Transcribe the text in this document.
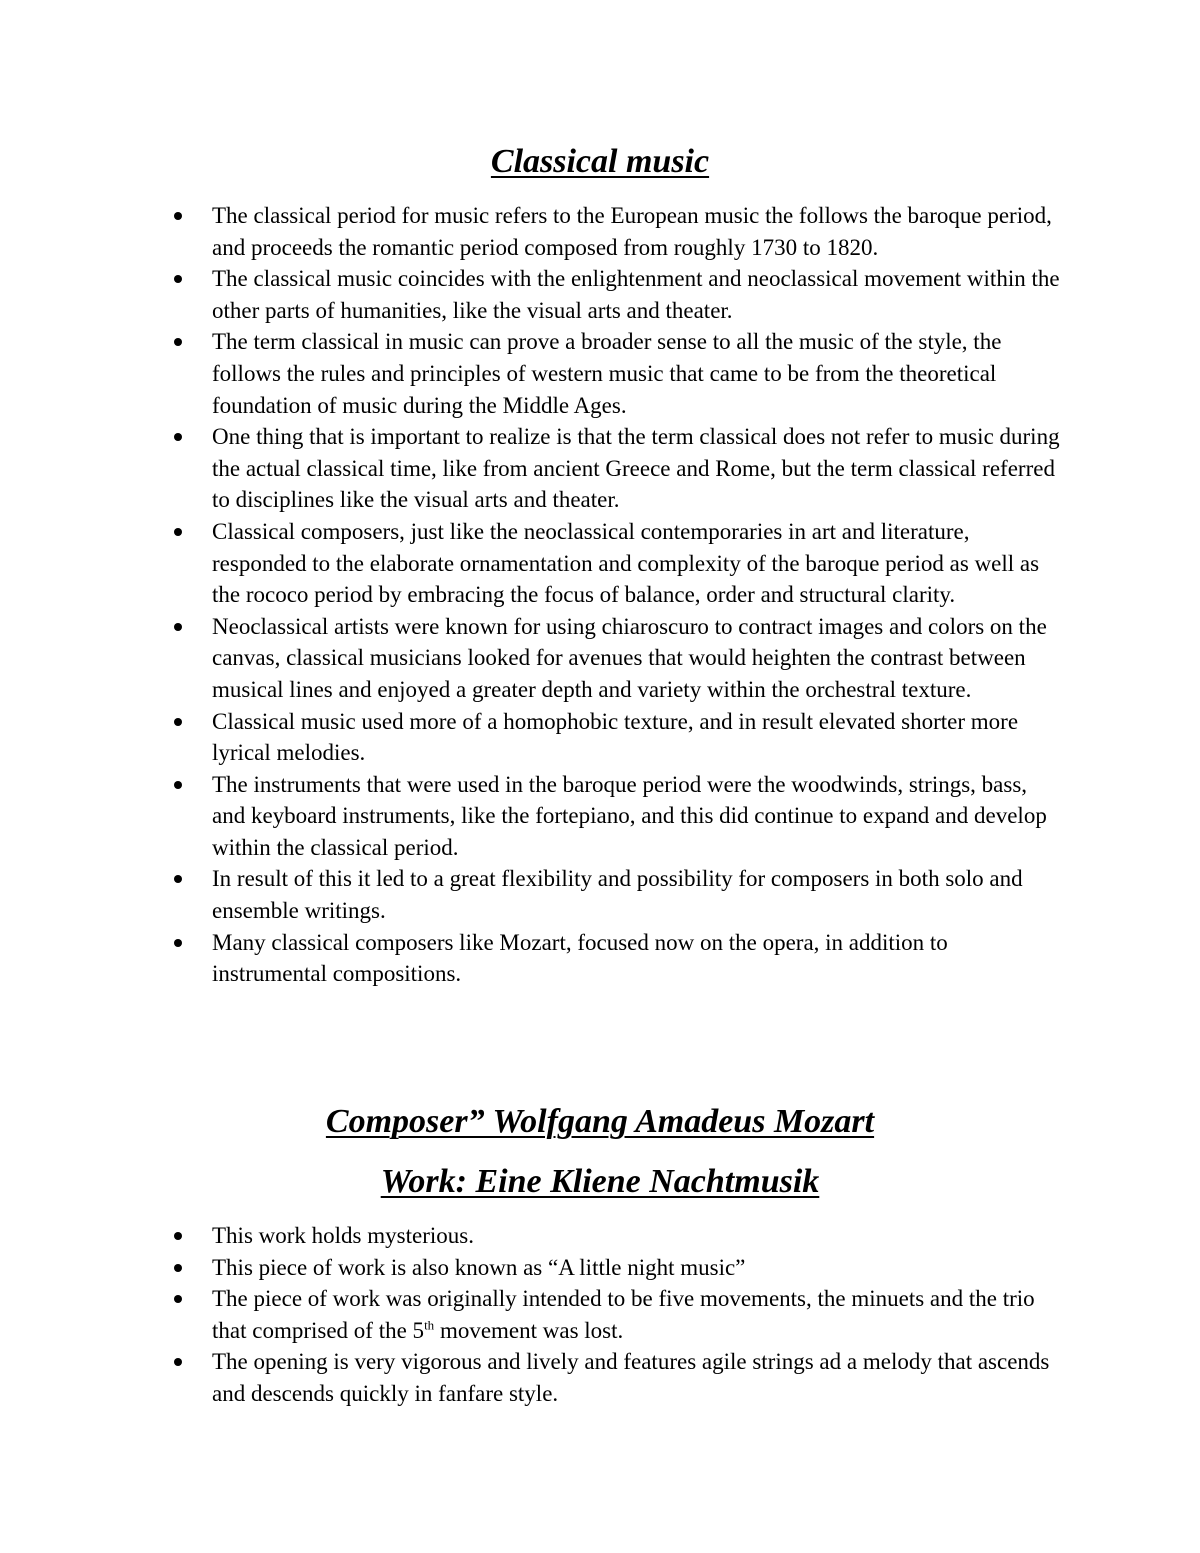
Classical music
The classical period for music refers to the European music the follows the baroque period, and proceeds the romantic period composed from roughly 1730 to 1820.
The classical music coincides with the enlightenment and neoclassical movement within the other parts of humanities, like the visual arts and theater.
The term classical in music can prove a broader sense to all the music of the style, the follows the rules and principles of western music that came to be from the theoretical foundation of music during the Middle Ages.
One thing that is important to realize is that the term classical does not refer to music during the actual classical time, like from ancient Greece and Rome, but the term classical referred to disciplines like the visual arts and theater.
Classical composers, just like the neoclassical contemporaries in art and literature, responded to the elaborate ornamentation and complexity of the baroque period as well as the rococo period by embracing the focus of balance, order and structural clarity.
Neoclassical artists were known for using chiaroscuro to contract images and colors on the canvas, classical musicians looked for avenues that would heighten the contrast between musical lines and enjoyed a greater depth and variety within the orchestral texture.
Classical music used more of a homophobic texture, and in result elevated shorter more lyrical melodies.
The instruments that were used in the baroque period were the woodwinds, strings, bass, and keyboard instruments, like the fortepiano, and this did continue to expand and develop within the classical period.
In result of this it led to a great flexibility and possibility for composers in both solo and ensemble writings.
Many classical composers like Mozart, focused now on the opera, in addition to instrumental compositions.
Composer” Wolfgang Amadeus Mozart
Work: Eine Kliene Nachtmusik
This work holds mysterious.
This piece of work is also known as “A little night music”
The piece of work was originally intended to be five movements, the minuets and the trio that comprised of the 5th movement was lost.
The opening is very vigorous and lively and features agile strings ad a melody that ascends and descends quickly in fanfare style.
